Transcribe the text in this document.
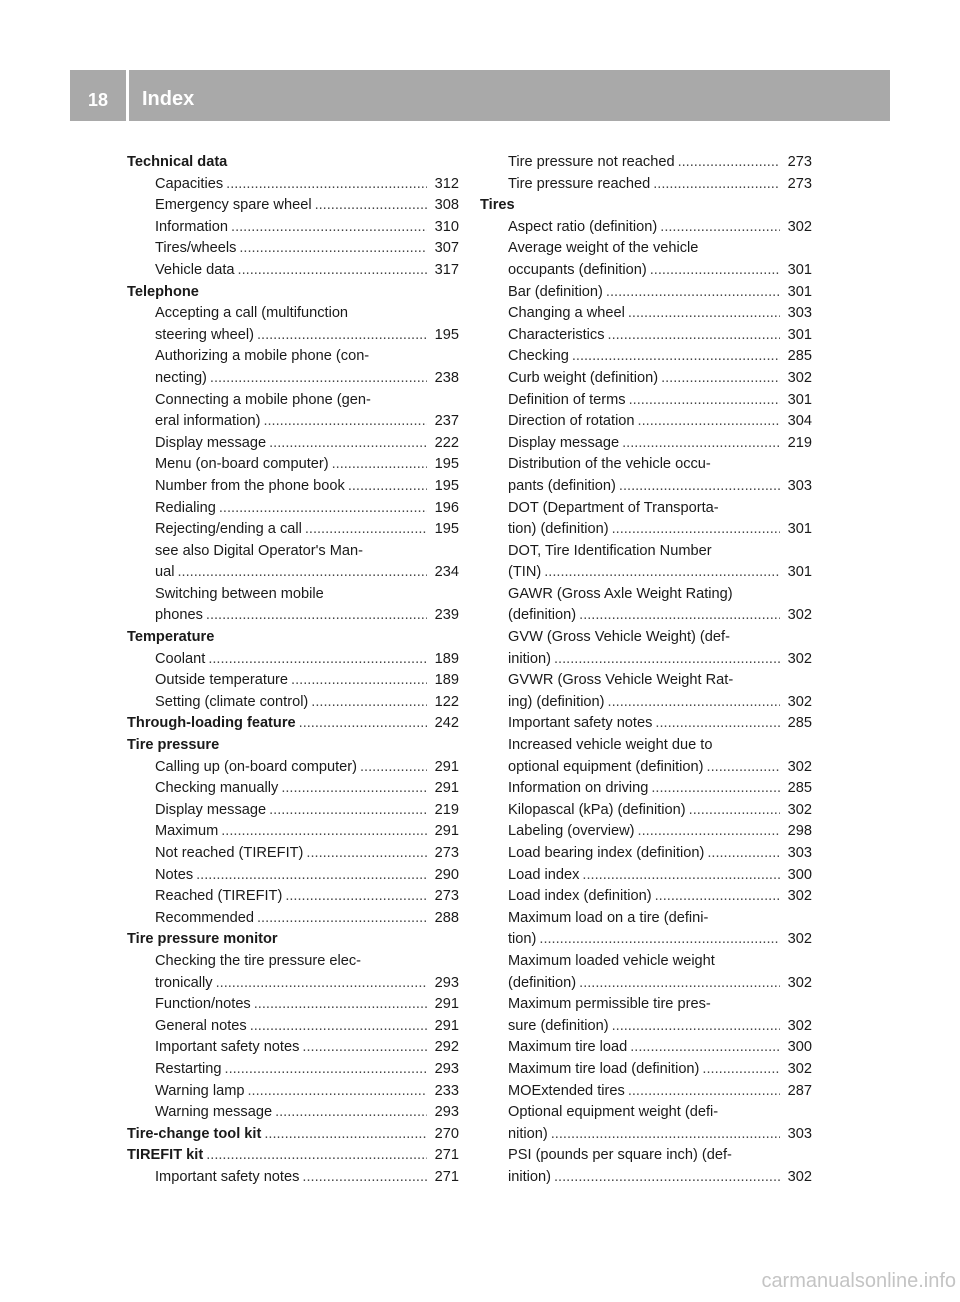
18	Index
Technical data
Capacities .....	312
Emergency spare wheel .....	308
Information .....	310
Tires/wheels .....	307
Vehicle data .....	317
Telephone
Accepting a call (multifunction
steering wheel) .....	195
Authorizing a mobile phone (con-
necting) .....	238
Connecting a mobile phone (gen-
eral information) .....	237
Display message .....	222
Menu (on-board computer) .....	195
Number from the phone book .....	195
Redialing .....	196
Rejecting/ending a call .....	195
see also Digital Operator's Man-
ual .....	234
Switching between mobile
phones .....	239
Temperature
Coolant .....	189
Outside temperature .....	189
Setting (climate control) .....	122
Through-loading feature .....	242
Tire pressure
Calling up (on-board computer) .....	291
Checking manually .....	291
Display message .....	219
Maximum .....	291
Not reached (TIREFIT) .....	273
Notes .....	290
Reached (TIREFIT) .....	273
Recommended .....	288
Tire pressure monitor
Checking the tire pressure elec-
tronically .....	293
Function/notes .....	291
General notes .....	291
Important safety notes .....	292
Restarting .....	293
Warning lamp .....	233
Warning message .....	293
Tire-change tool kit .....	270
TIREFIT kit .....	271
Important safety notes .....	271
Tire pressure not reached .....	273
Tire pressure reached .....	273
Tires
Aspect ratio (definition) .....	302
Average weight of the vehicle
occupants (definition) .....	301
Bar (definition) .....	301
Changing a wheel .....	303
Characteristics .....	301
Checking .....	285
Curb weight (definition) .....	302
Definition of terms .....	301
Direction of rotation .....	304
Display message .....	219
Distribution of the vehicle occu-
pants (definition) .....	303
DOT (Department of Transporta-
tion) (definition) .....	301
DOT, Tire Identification Number
(TIN) .....	301
GAWR (Gross Axle Weight Rating)
(definition) .....	302
GVW (Gross Vehicle Weight) (def-
inition) .....	302
GVWR (Gross Vehicle Weight Rat-
ing) (definition) .....	302
Important safety notes .....	285
Increased vehicle weight due to
optional equipment (definition) .....	302
Information on driving .....	285
Kilopascal (kPa) (definition) .....	302
Labeling (overview) .....	298
Load bearing index (definition) .....	303
Load index .....	300
Load index (definition) .....	302
Maximum load on a tire (defini-
tion) .....	302
Maximum loaded vehicle weight
(definition) .....	302
Maximum permissible tire pres-
sure (definition) .....	302
Maximum tire load .....	300
Maximum tire load (definition) .....	302
MOExtended tires .....	287
Optional equipment weight (defi-
nition) .....	303
PSI (pounds per square inch) (def-
inition) .....	302
carmanualsonline.info
